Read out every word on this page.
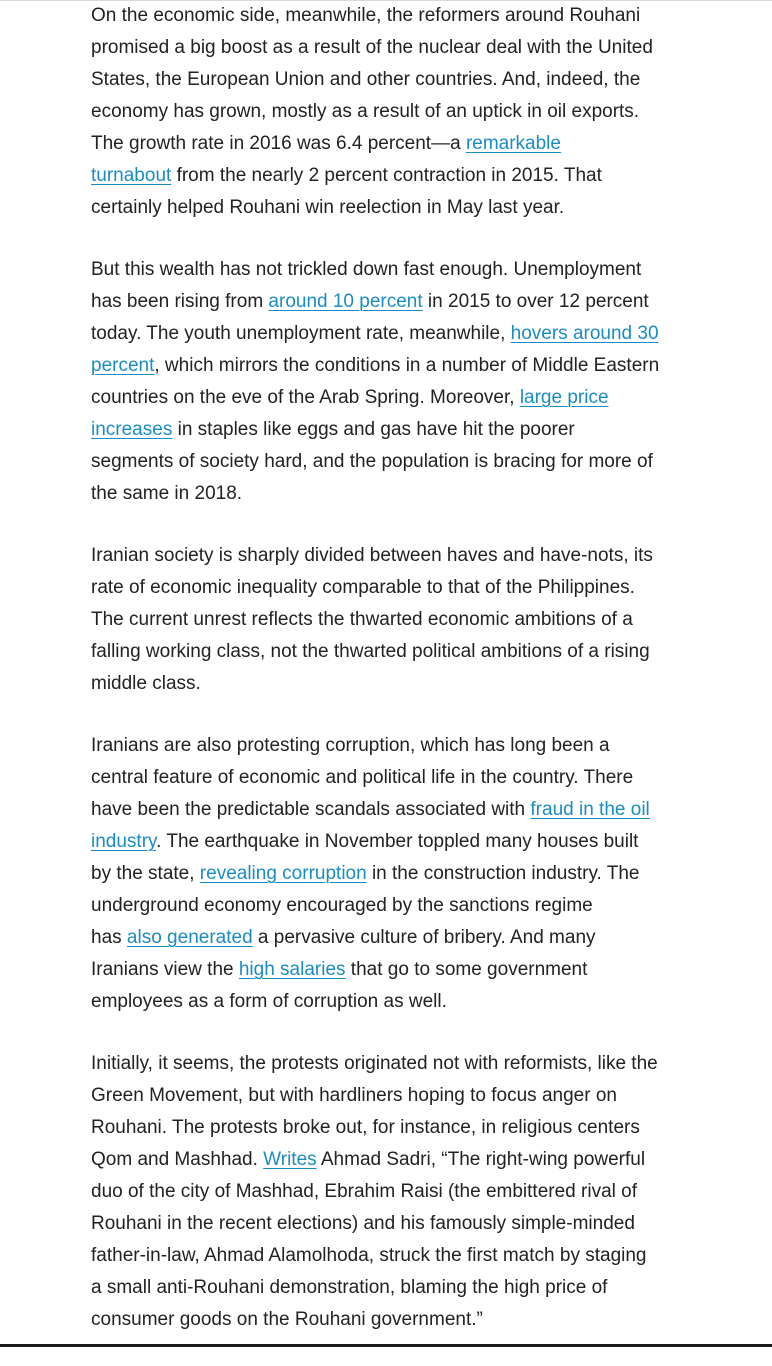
On the economic side, meanwhile, the reformers around Rouhani
promised a big boost as a result of the nuclear deal with the United
States, the European Union and other countries. And, indeed, the
economy has grown, mostly as a result of an uptick in oil exports.
The growth rate in 2016 was 6.4 percent—a remarkable
turnabout from the nearly 2 percent contraction in 2015. That
certainly helped Rouhani win reelection in May last year.

But this wealth has not trickled down fast enough. Unemployment
has been rising from around 10 percent in 2015 to over 12 percent
today. The youth unemployment rate, meanwhile, hovers around 30
percent, which mirrors the conditions in a number of Middle Eastern
countries on the eve of the Arab Spring. Moreover, large price
increases in staples like eggs and gas have hit the poorer
segments of society hard, and the population is bracing for more of
the same in 2018.

Iranian society is sharply divided between haves and have-nots, its
rate of economic inequality comparable to that of the Philippines.
The current unrest reflects the thwarted economic ambitions of a
falling working class, not the thwarted political ambitions of a rising
middle class.

Iranians are also protesting corruption, which has long been a
central feature of economic and political life in the country. There
have been the predictable scandals associated with fraud in the oil
industry. The earthquake in November toppled many houses built
by the state, revealing corruption in the construction industry. The
underground economy encouraged by the sanctions regime
has also generated a pervasive culture of bribery. And many
Iranians view the high salaries that go to some government
employees as a form of corruption as well.

Initially, it seems, the protests originated not with reformists, like the
Green Movement, but with hardliners hoping to focus anger on
Rouhani. The protests broke out, for instance, in religious centers
Qom and Mashhad. Writes Ahmad Sadri, “The right-wing powerful
duo of the city of Mashhad, Ebrahim Raisi (the embittered rival of
Rouhani in the recent elections) and his famously simple-minded
father-in-law, Ahmad Alamolhoda, struck the first match by staging
a small anti-Rouhani demonstration, blaming the high price of
consumer goods on the Rouhani government.”
